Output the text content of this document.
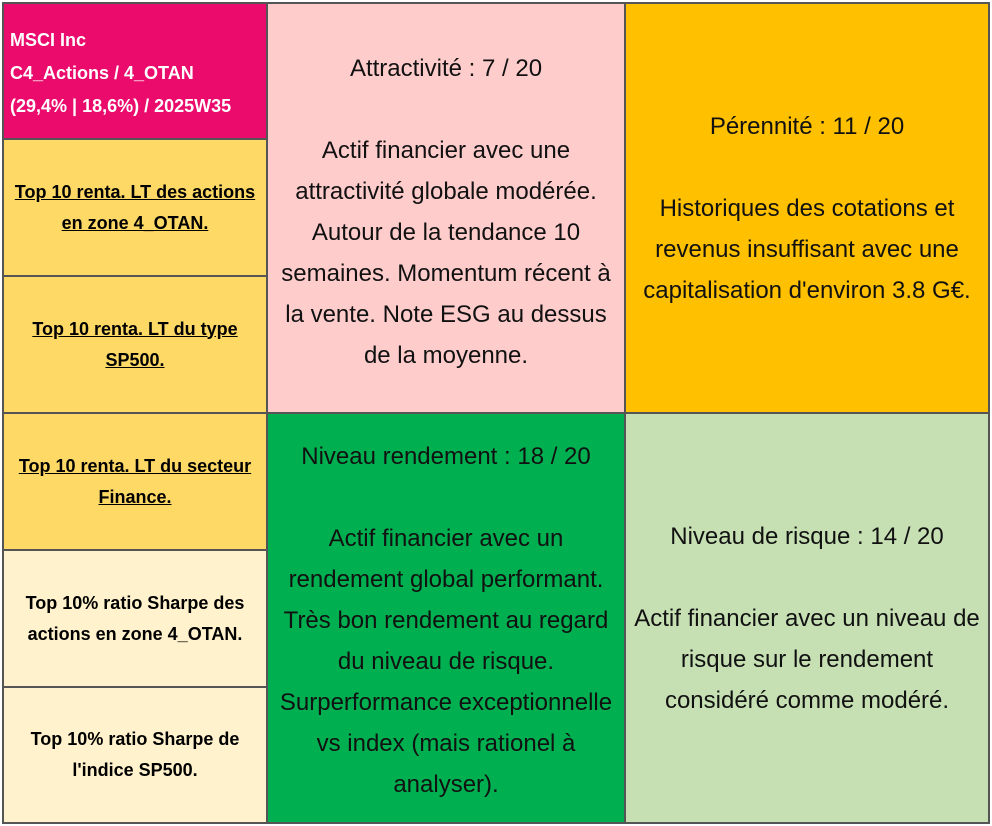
MSCI Inc
C4_Actions / 4_OTAN
(29,4% | 18,6%) / 2025W35
Top 10 renta. LT des actions
en zone 4_OTAN.
Top 10 renta. LT du type
SP500.
Top 10 renta. LT du secteur
Finance.
Top 10% ratio Sharpe des
actions en zone 4_OTAN.
Top 10% ratio Sharpe de
l'indice SP500.
Attractivité : 7 / 20
Actif financier avec une
attractivité globale modérée.
Autour de la tendance 10
semaines. Momentum récent à
la vente. Note ESG au dessus
de la moyenne.
Pérennité : 11 / 20
Historiques des cotations et
revenus insuffisant avec une
capitalisation d'environ 3.8 G€.
Niveau rendement : 18 / 20
Actif financier avec un
rendement global performant.
Très bon rendement au regard
du niveau de risque.
Surperformance exceptionnelle
vs index (mais rationel à
analyser).
Niveau de risque : 14 / 20
Actif financier avec un niveau de
risque sur le rendement
considéré comme modéré.
